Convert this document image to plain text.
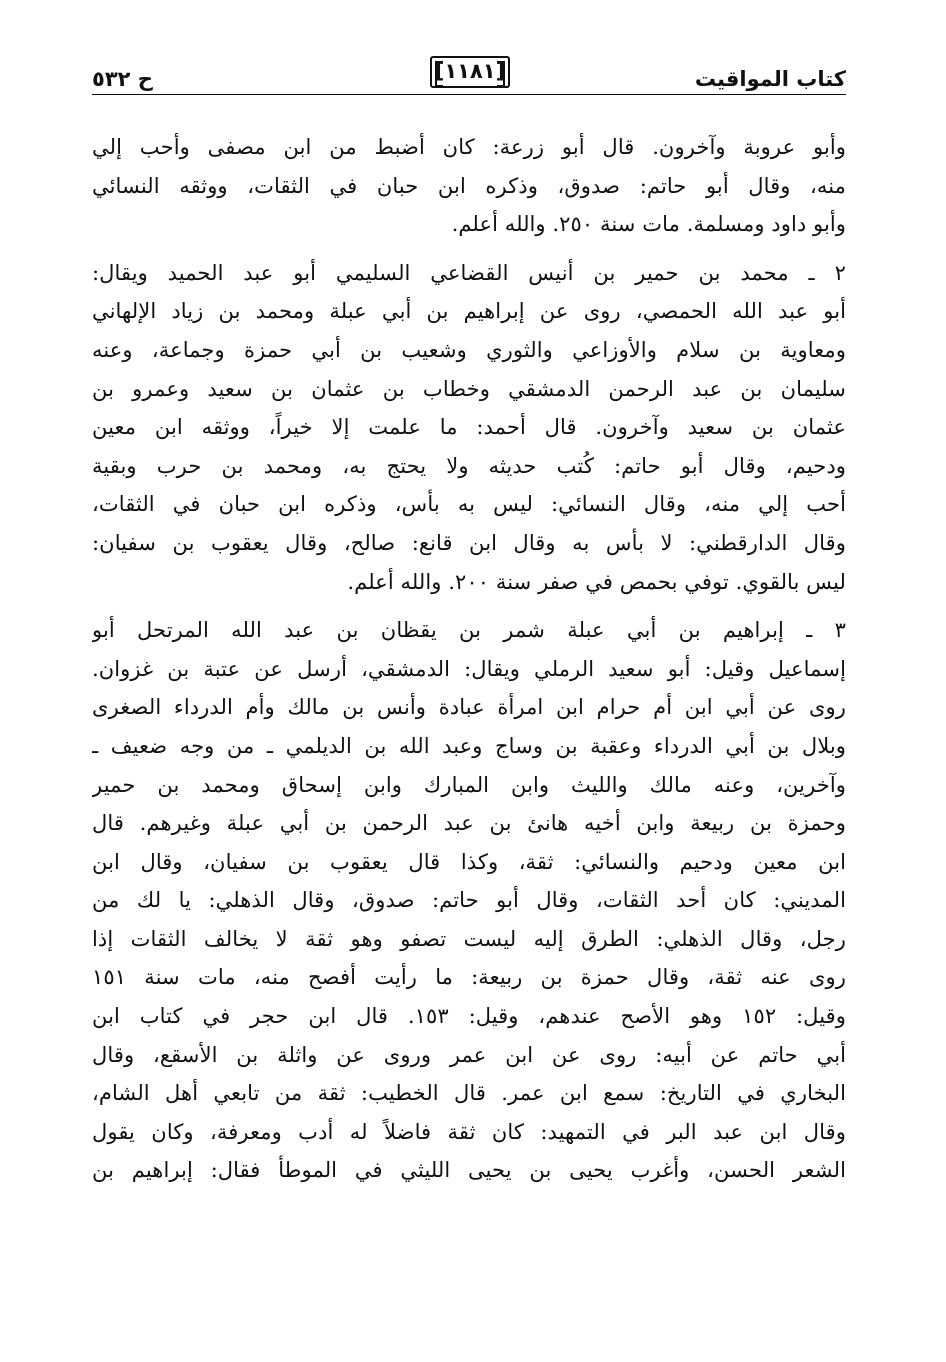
كتاب المواقيت
[١١٨١]
ح ٥٣٢
وأبو عروبة وآخرون. قال أبو زرعة: كان أضبط من ابن مصفى وأحب إلي
منه، وقال أبو حاتم: صدوق، وذكره ابن حبان في الثقات، ووثقه النسائي
وأبو داود ومسلمة. مات سنة ٢٥٠. والله أعلم.
٢ ـ محمد بن حمير بن أنيس القضاعي السليمي أبو عبد الحميد ويقال:
أبو عبد الله الحمصي، روى عن إبراهيم بن أبي عبلة ومحمد بن زياد الإلهاني
ومعاوية بن سلام والأوزاعي والثوري وشعيب بن أبي حمزة وجماعة، وعنه
سليمان بن عبد الرحمن الدمشقي وخطاب بن عثمان بن سعيد وعمرو بن
عثمان بن سعيد وآخرون. قال أحمد: ما علمت إلا خيراً، ووثقه ابن معين
ودحيم، وقال أبو حاتم: كُتب حديثه ولا يحتج به، ومحمد بن حرب وبقية
أحب إلي منه، وقال النسائي: ليس به بأس، وذكره ابن حبان في الثقات،
وقال الدارقطني: لا بأس به وقال ابن قانع: صالح، وقال يعقوب بن سفيان:
ليس بالقوي. توفي بحمص في صفر سنة ٢٠٠. والله أعلم.
٣ ـ إبراهيم بن أبي عبلة شمر بن يقظان بن عبد الله المرتحل أبو
إسماعيل وقيل: أبو سعيد الرملي ويقال: الدمشقي، أرسل عن عتبة بن غزوان.
روى عن أبي ابن أم حرام ابن امرأة عبادة وأنس بن مالك وأم الدرداء الصغرى
وبلال بن أبي الدرداء وعقبة بن وساج وعبد الله بن الديلمي ـ من وجه ضعيف ـ
وآخرين، وعنه مالك والليث وابن المبارك وابن إسحاق ومحمد بن حمير
وحمزة بن ربيعة وابن أخيه هانئ بن عبد الرحمن بن أبي عبلة وغيرهم. قال
ابن معين ودحيم والنسائي: ثقة، وكذا قال يعقوب بن سفيان، وقال ابن
المديني: كان أحد الثقات، وقال أبو حاتم: صدوق، وقال الذهلي: يا لك من
رجل، وقال الذهلي: الطرق إليه ليست تصفو وهو ثقة لا يخالف الثقات إذا
روى عنه ثقة، وقال حمزة بن ربيعة: ما رأيت أفصح منه، مات سنة ١٥١
وقيل: ١٥٢ وهو الأصح عندهم، وقيل: ١٥٣. قال ابن حجر في كتاب ابن
أبي حاتم عن أبيه: روى عن ابن عمر وروى عن واثلة بن الأسقع، وقال
البخاري في التاريخ: سمع ابن عمر. قال الخطيب: ثقة من تابعي أهل الشام،
وقال ابن عبد البر في التمهيد: كان ثقة فاضلاً له أدب ومعرفة، وكان يقول
الشعر الحسن، وأغرب يحيى بن يحيى الليثي في الموطأ فقال: إبراهيم بن
